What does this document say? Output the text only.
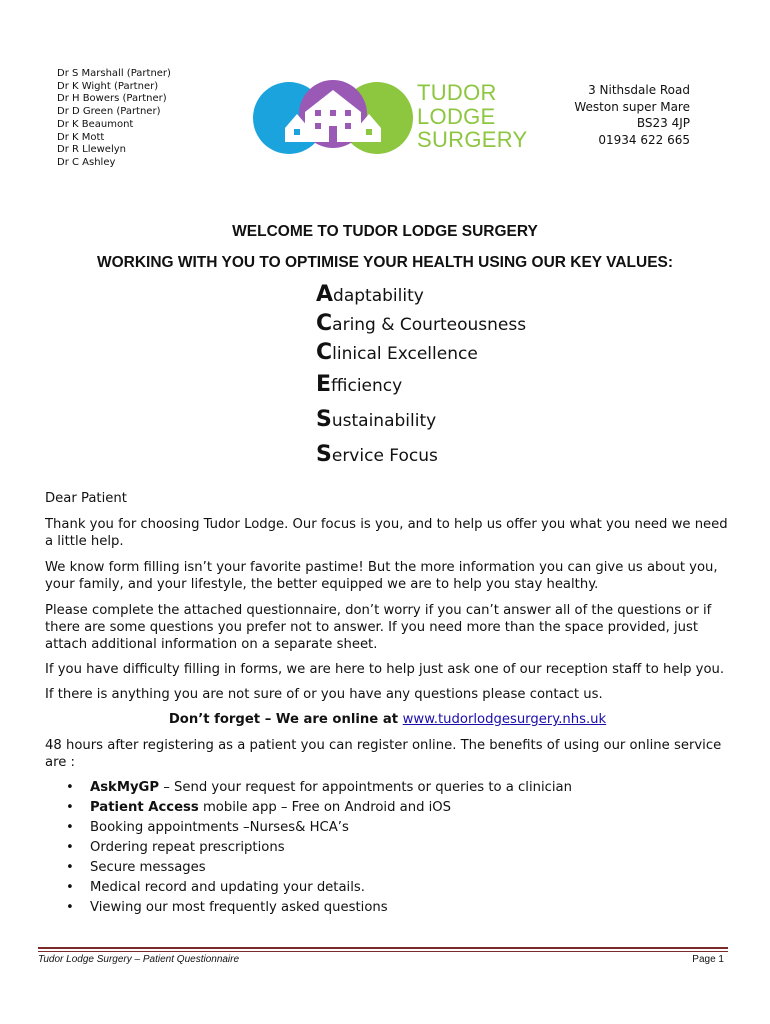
Dr S Marshall (Partner)
Dr K Wight (Partner)
Dr H Bowers (Partner)
Dr D Green (Partner)
Dr K Beaumont
Dr K Mott
Dr R Llewelyn
Dr C Ashley
TUDOR
LODGE
SURGERY
3 Nithsdale Road
Weston super Mare
BS23 4JP
01934 622 665
WELCOME TO TUDOR LODGE SURGERY
WORKING WITH YOU TO OPTIMISE YOUR HEALTH USING OUR KEY VALUES:
Adaptability
Caring & Courteousness
Clinical Excellence
Efficiency
Sustainability
Service Focus
Dear Patient
Thank you for choosing Tudor Lodge. Our focus is you, and to help us offer you what you need we need a little help.
We know form filling isn’t your favorite pastime! But the more information you can give us about you, your family, and your lifestyle, the better equipped we are to help you stay healthy.
Please complete the attached questionnaire, don’t worry if you can’t answer all of the questions or if there are some questions you prefer not to answer. If you need more than the space provided, just attach additional information on a separate sheet.
If you have difficulty filling in forms, we are here to help just ask one of our reception staff to help you.
If there is anything you are not sure of or you have any questions please contact us.
Don’t forget – We are online at www.tudorlodgesurgery.nhs.uk
48 hours after registering as a patient you can register online. The benefits of using our online service are :
• AskMyGP – Send your request for appointments or queries to a clinician
• Patient Access mobile app – Free on Android and iOS
• Booking appointments –Nurses& HCA’s
• Ordering repeat prescriptions
• Secure messages
• Medical record and updating your details.
• Viewing our most frequently asked questions
Tudor Lodge Surgery – Patient Questionnaire	Page 1
